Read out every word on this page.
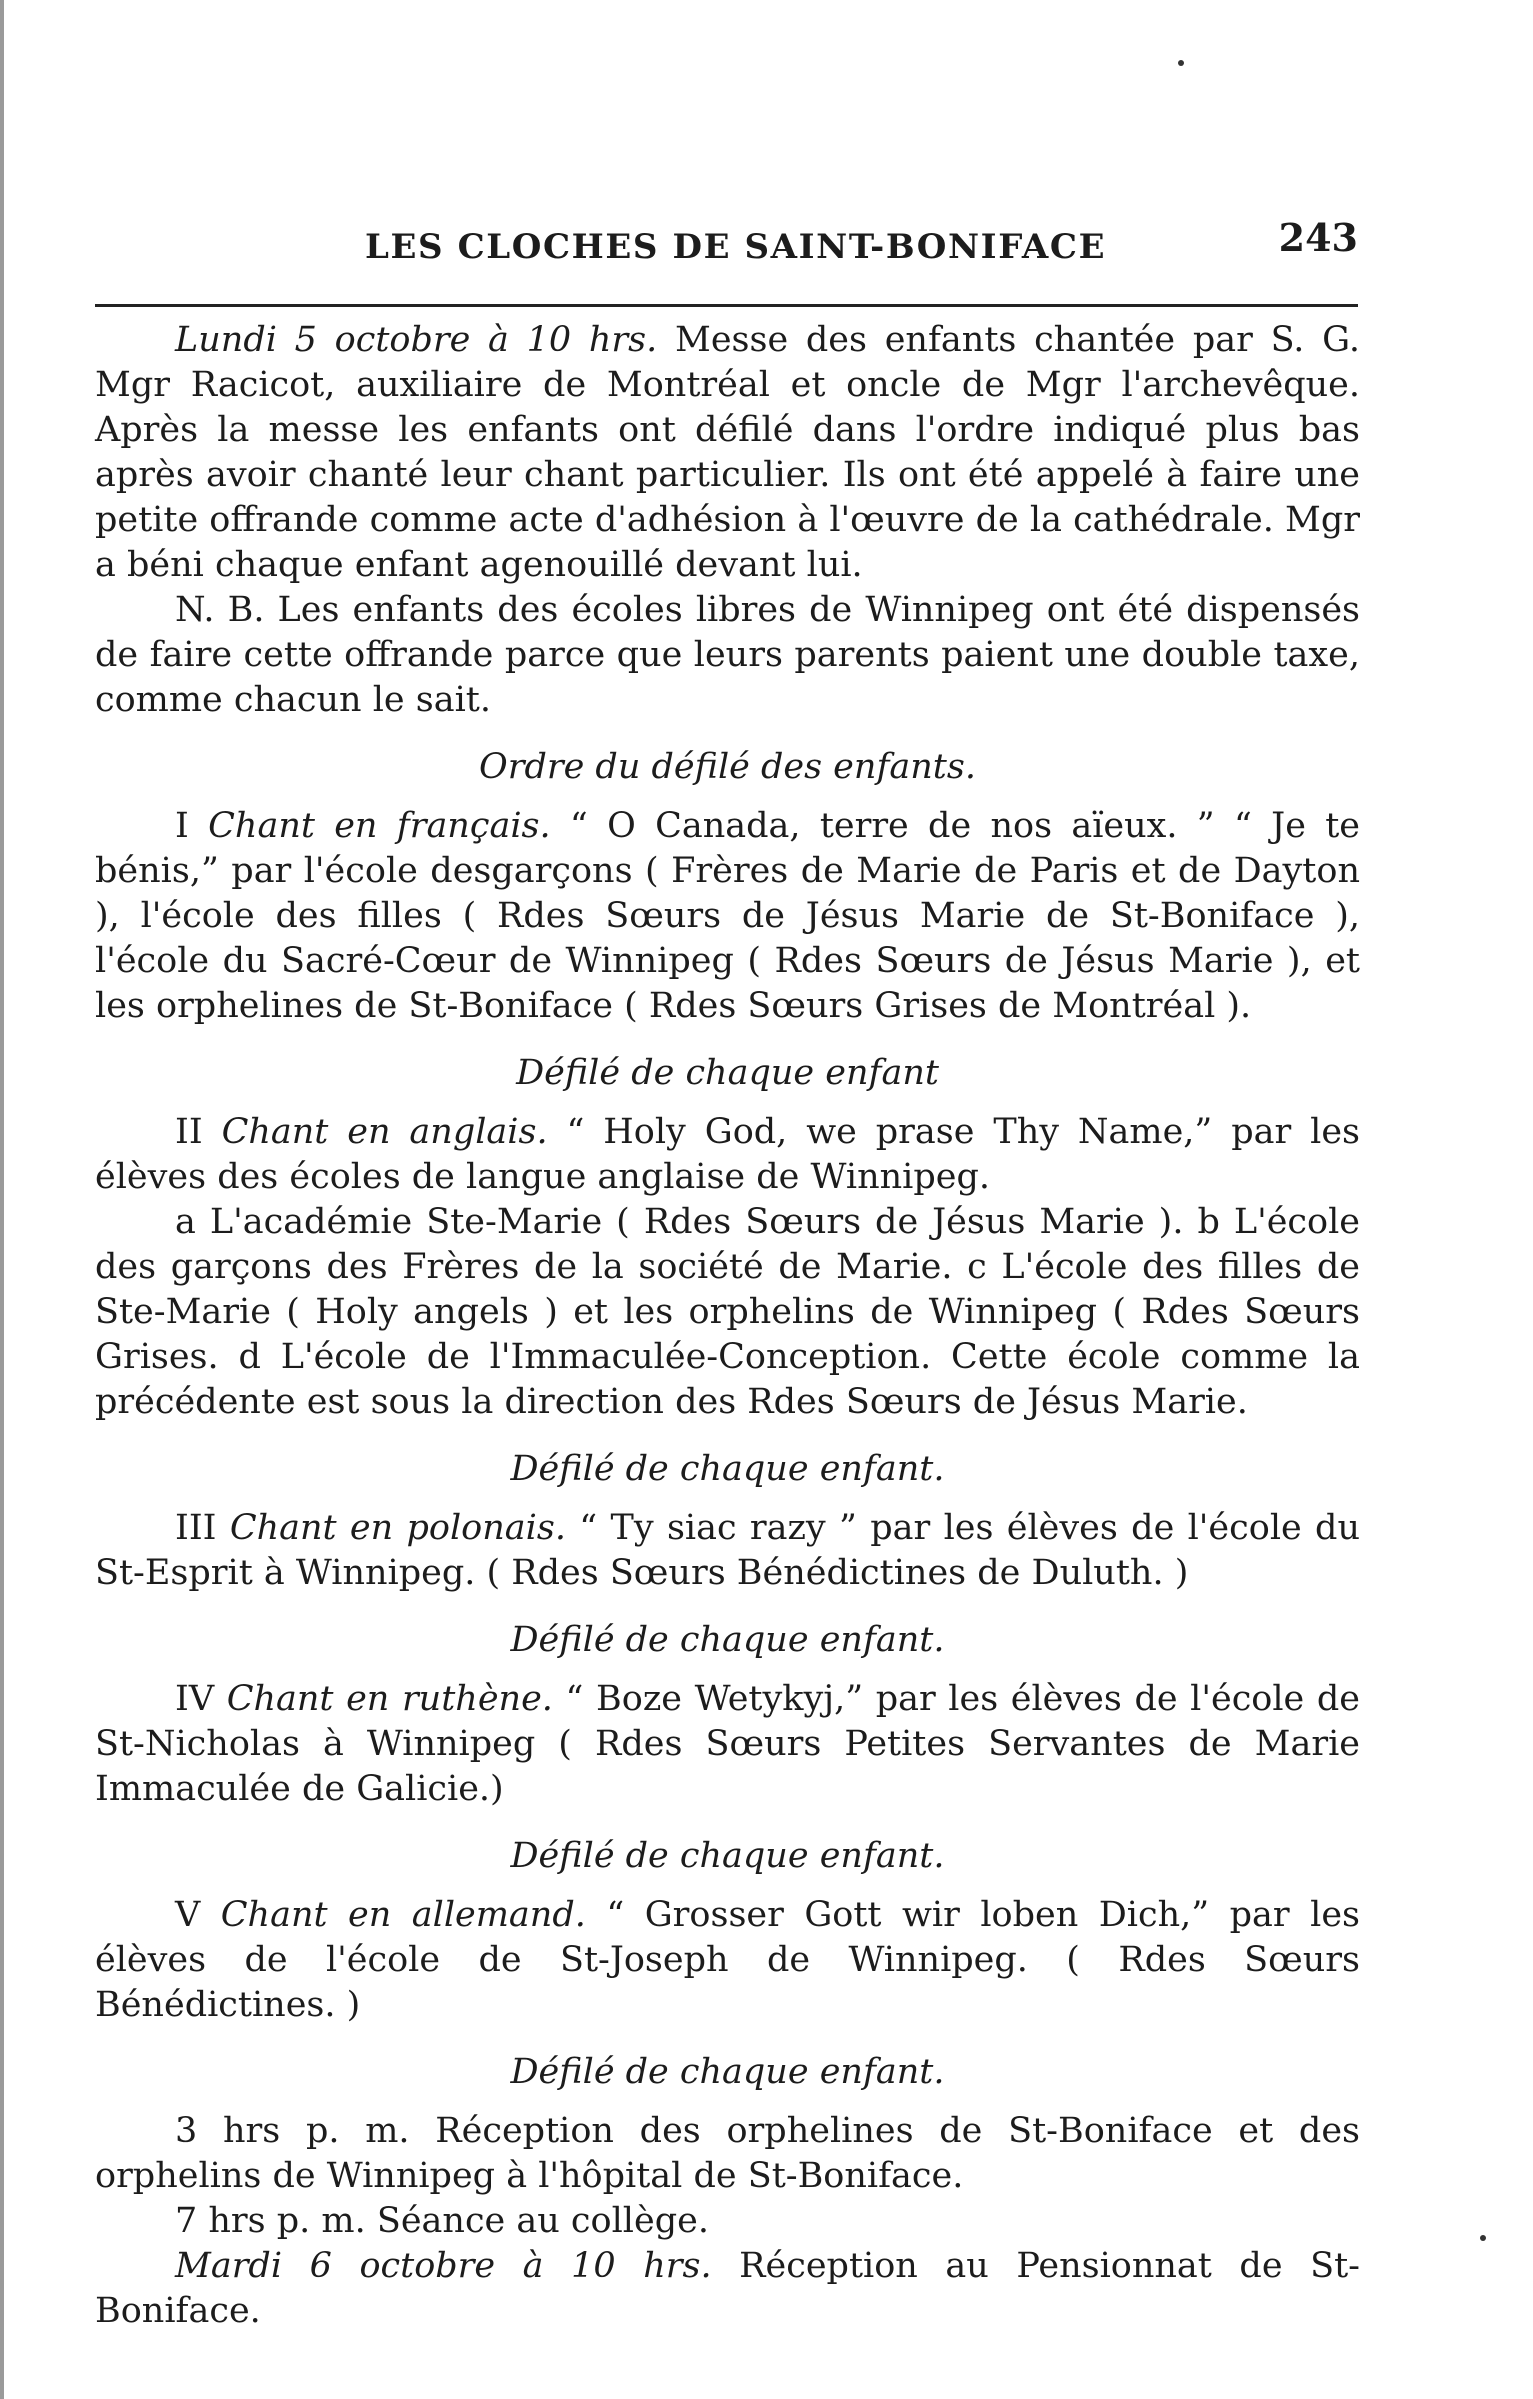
LES CLOCHES DE SAINT-BONIFACE	243

Lundi 5 octobre à 10 hrs. Messe des enfants chantée par S. G. Mgr Racicot, auxiliaire de Montréal et oncle de Mgr l'archevêque. Après la messe les enfants ont défilé dans l'ordre indiqué plus bas après avoir chanté leur chant particulier. Ils ont été appelé à faire une petite offrande comme acte d'adhésion à l'œuvre de la cathédrale. Mgr a béni chaque enfant agenouillé devant lui.

N. B. Les enfants des écoles libres de Winnipeg ont été dispensés de faire cette offrande parce que leurs parents paient une double taxe, comme chacun le sait.

Ordre du défilé des enfants.

I Chant en français. “ O Canada, terre de nos aïeux. ” “ Je te bénis,” par l'école desgarçons ( Frères de Marie de Paris et de Dayton ), l'école des filles ( Rdes Sœurs de Jésus Marie de St-Boniface ), l'école du Sacré-Cœur de Winnipeg ( Rdes Sœurs de Jésus Marie ), et les orphelines de St-Boniface ( Rdes Sœurs Grises de Montréal ).

Défilé de chaque enfant

II Chant en anglais. “ Holy God, we prase Thy Name,” par les élèves des écoles de langue anglaise de Winnipeg.

a L'académie Ste-Marie ( Rdes Sœurs de Jésus Marie ). b L'école des garçons des Frères de la société de Marie. c L'école des filles de Ste-Marie ( Holy angels ) et les orphelins de Winnipeg ( Rdes Sœurs Grises. d L'école de l'Immaculée-Conception. Cette école comme la précédente est sous la direction des Rdes Sœurs de Jésus Marie.

Défilé de chaque enfant.

III Chant en polonais. “ Ty siac razy ” par les élèves de l'école du St-Esprit à Winnipeg. ( Rdes Sœurs Bénédictines de Duluth. )

Défilé de chaque enfant.

IV Chant en ruthène. “ Boze Wetykyj,” par les élèves de l'école de St-Nicholas à Winnipeg ( Rdes Sœurs Petites Servantes de Marie Immaculée de Galicie.)

Défilé de chaque enfant.

V Chant en allemand. “ Grosser Gott wir loben Dich,” par les élèves de l'école de St-Joseph de Winnipeg. ( Rdes Sœurs Bénédictines. )

Défilé de chaque enfant.

3 hrs p. m. Réception des orphelines de St-Boniface et des orphelins de Winnipeg à l'hôpital de St-Boniface.

7 hrs p. m. Séance au collège.

Mardi 6 octobre à 10 hrs. Réception au Pensionnat de St-Boniface.
